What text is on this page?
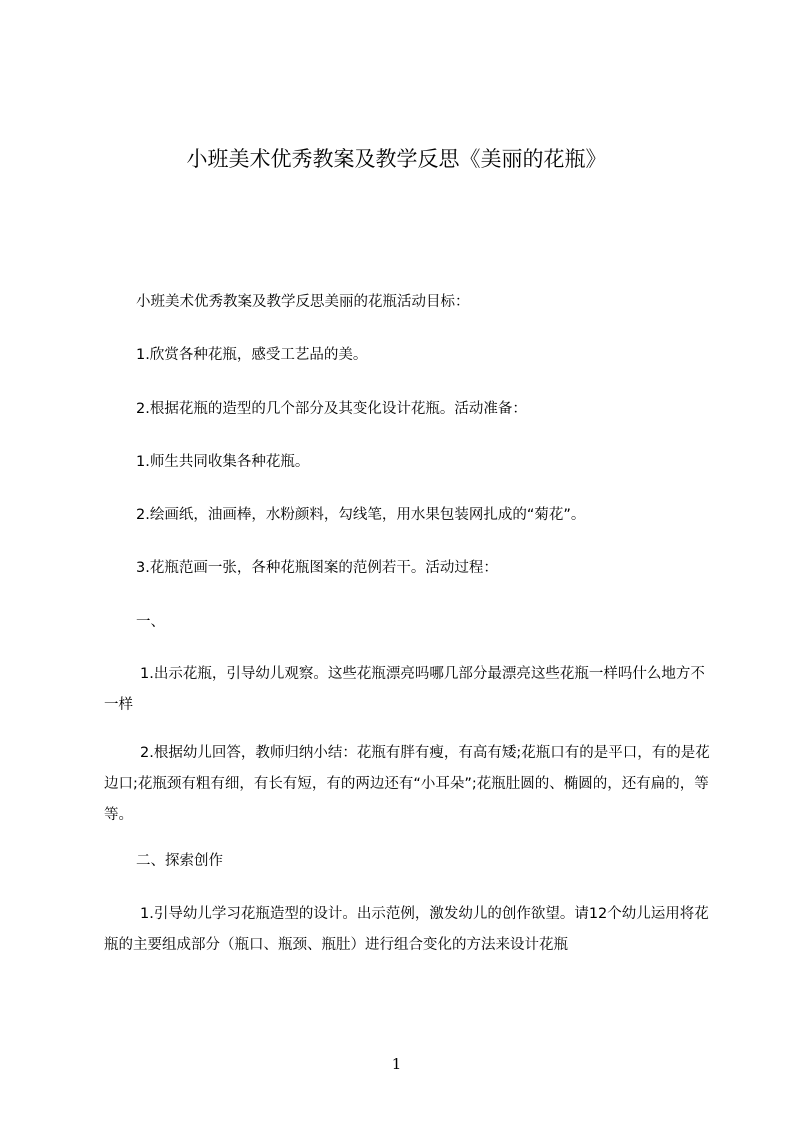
小班美术优秀教案及教学反思《美丽的花瓶》

小班美术优秀教案及教学反思美丽的花瓶活动目标：

1.欣赏各种花瓶，感受工艺品的美。

2.根据花瓶的造型的几个部分及其变化设计花瓶。活动准备：

1.师生共同收集各种花瓶。

2.绘画纸，油画棒，水粉颜料，勾线笔，用水果包装网扎成的“菊花”。

3.花瓶范画一张，各种花瓶图案的范例若干。活动过程：

一、

1.出示花瓶，引导幼儿观察。这些花瓶漂亮吗哪几部分最漂亮这些花瓶一样吗什么地方不一样

2.根据幼儿回答，教师归纳小结：花瓶有胖有瘦，有高有矮;花瓶口有的是平口，有的是花边口;花瓶颈有粗有细，有长有短，有的两边还有“小耳朵”;花瓶肚圆的、椭圆的，还有扁的，等等。

二、探索创作

1.引导幼儿学习花瓶造型的设计。出示范例，激发幼儿的创作欲望。请12个幼儿运用将花瓶的主要组成部分（瓶口、瓶颈、瓶肚）进行组合变化的方法来设计花瓶

1
